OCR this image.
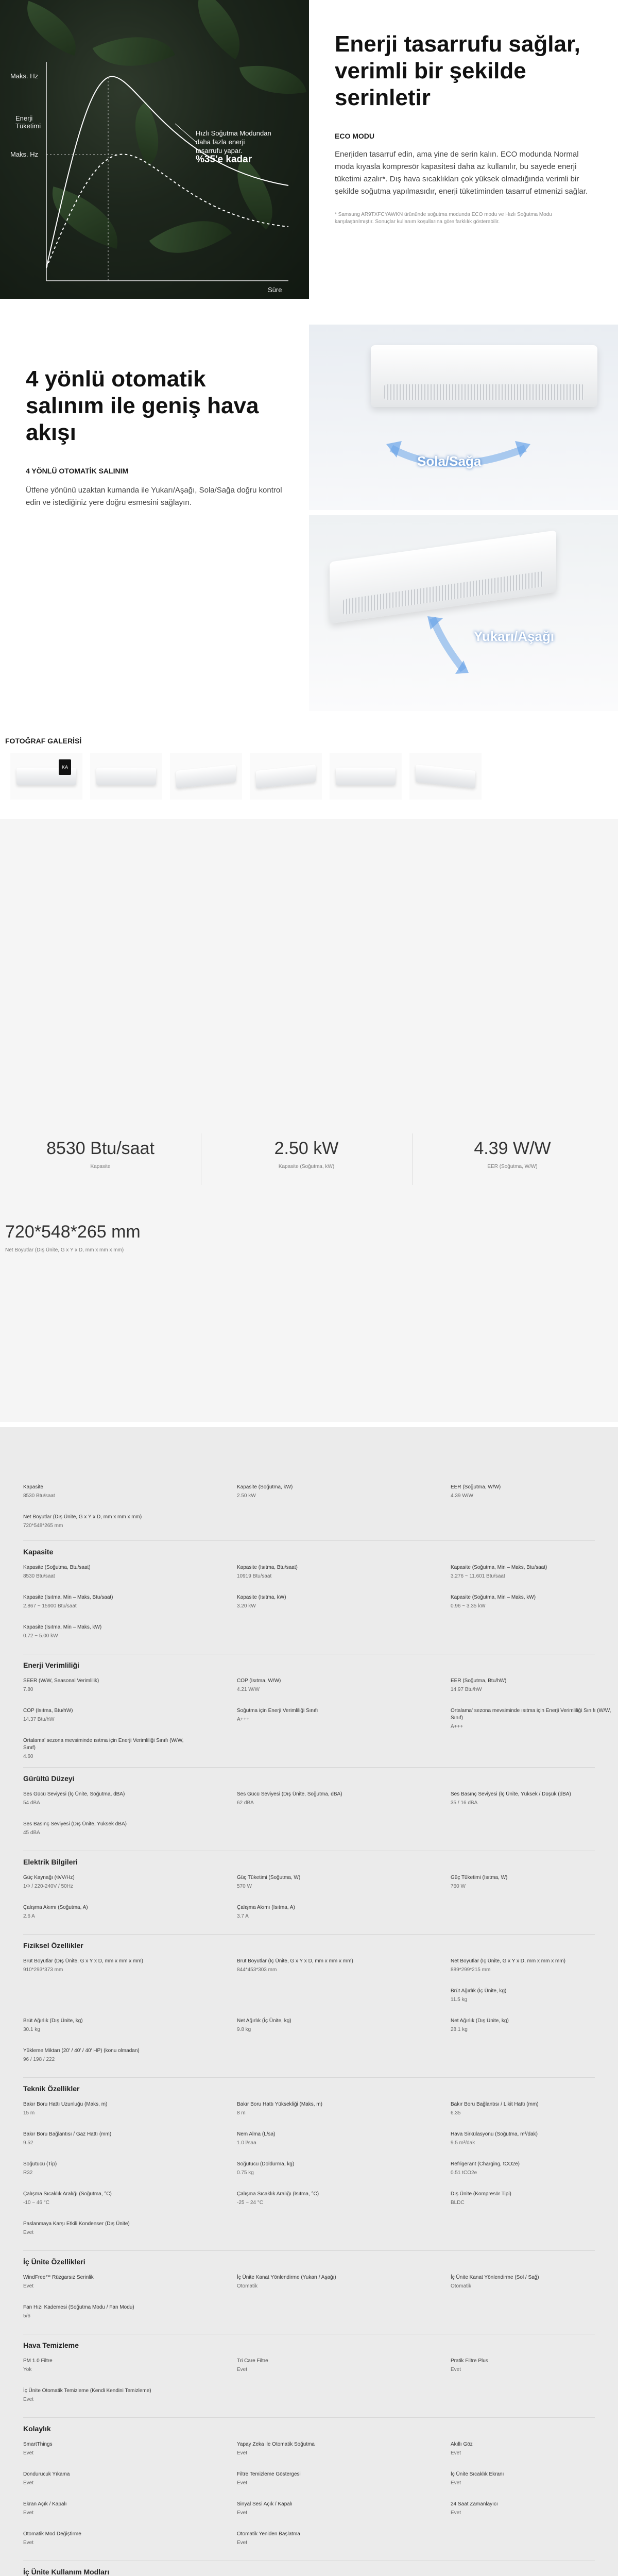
Maks. Hz
Enerji Tüketimi
Maks. Hz
Süre
Hızlı Soğutma Modundan daha fazla enerji tasarrufu yapar.
%35'e kadar
Enerji tasarrufu sağlar, verimli bir şekilde serinletir
ECO MODU

Enerjiden tasarruf edin, ama yine de serin kalın. ECO modunda Normal moda kıyasla kompresör kapasitesi daha az kullanılır, bu sayede enerji tüketimi azalır*. Dış hava sıcaklıkları çok yüksek olmadığında verimli bir şekilde soğutma yapılmasıdır, enerji tüketiminden tasarruf etmenizi sağlar.

* Samsung AR9TXFCYAWKN ürününde soğutma modunda ECO modu ve Hızlı Soğutma Modu karşılaştırılmıştır. Sonuçlar kullanım koşullarına göre farklılık gösterebilir.

4 yönlü otomatik salınım ile geniş hava akışı
4 YÖNLÜ OTOMATİK SALINIM

Ütfene yönünü uzaktan kumanda ile Yukarı/Aşağı, Sola/Sağa doğru kontrol edin ve istediğiniz yere doğru esmesini sağlayın.

Sola/Sağa
Yukarı/Aşağı
FOTOĞRAF GALERİSİ
KA
8530 Btu/saat
Kapasite
2.50 kW
Kapasite (Soğutma, kW)
4.39 W/W
EER (Soğutma, W/W)
720*548*265 mm
Net Boyutlar (Dış Ünite, G x Y x D, mm x mm x mm)
Kapasite
8530 Btu/saat
Kapasite (Soğutma, kW)
2.50 kW
EER (Soğutma, W/W)
4.39 W/W
Net Boyutlar (Dış Ünite, G x Y x D, mm x mm x mm)
720*548*265 mm
Kapasite
Kapasite (Soğutma, Btu/saat)
8530 Btu/saat
Kapasite (Isıtma, Btu/saat)
10919 Btu/saat
Kapasite (Soğutma, Min – Maks, Btu/saat)
3.276 ~ 11.601 Btu/saat
Kapasite (Isıtma, Min – Maks, Btu/saat)
2.867 ~ 15900 Btu/saat
Kapasite (Isıtma, kW)
3.20 kW
Kapasite (Soğutma, Min – Maks, kW)
0.96 ~ 3.35 kW
Kapasite (Isıtma, Min – Maks, kW)
0.72 ~ 5.00 kW
Enerji Verimliliği
SEER (W/W, Seasonal Verimlilik)
7.80
COP (Isıtma, W/W)
4.21 W/W
EER (Soğutma, Btu/hW)
14.97 Btu/hW
COP (Isıtma, Btu/hW)
14.37 Btu/hW
Soğutma için Enerji Verimliliği Sınıfı
A+++
Ortalama' sezona mevsiminde ısıtma için Enerji Verimliliği Sınıfı (W/W, Sınıf)
A+++
Ortalama' sezona mevsiminde ısıtma için Enerji Verimliliği Sınıfı (W/W, Sınıf)
4.60
Gürültü Düzeyi
Ses Gücü Seviyesi (İç Ünite, Soğutma, dBA)
54 dBA
Ses Gücü Seviyesi (Dış Ünite, Soğutma, dBA)
62 dBA
Ses Basınç Seviyesi (İç Ünite, Yüksek / Düşük (dBA)
35 / 16 dBA
Ses Basınç Seviyesi (Dış Ünite, Yüksek dBA)
45 dBA
Elektrik Bilgileri
Güç Kaynağı (Φ/V/Hz)
1Φ / 220-240V / 50Hz
Güç Tüketimi (Soğutma, W)
570 W
Güç Tüketimi (Isıtma, W)
760 W
Çalışma Akımı (Soğutma, A)
2.6 A
Çalışma Akımı (Isıtma, A)
3.7 A
Fiziksel Özellikler
Brüt Boyutlar (Dış Ünite, G x Y x D, mm x mm x mm)
910*293*373 mm
Brüt Boyutlar (İç Ünite, G x Y x D, mm x mm x mm)
844*453*303 mm
Net Boyutlar (İç Ünite, G x Y x D, mm x mm x mm)
889*299*215 mm
Brüt Ağırlık (İç Ünite, kg)
11.5 kg
Brüt Ağırlık (Dış Ünite, kg)
30.1 kg
Net Ağırlık (İç Ünite, kg)
9.8 kg
Net Ağırlık (Dış Ünite, kg)
28.1 kg
Yükleme Miktarı (20′ / 40′ / 40′ HP) (konu olmadan)
96 / 198 / 222
Teknik Özellikler
Bakır Boru Hattı Uzunluğu (Maks, m)
15 m
Bakır Boru Hattı Yüksekliği (Maks, m)
8 m
Bakır Boru Bağlantısı / Likit Hattı (mm)
6.35
Bakır Boru Bağlantısı / Gaz Hattı (mm)
9.52
Nem Alma (L/sa)
1.0 l/saa
Hava Sirkülasyonu (Soğutma, m³/dak)
9.5 m³/dak
Soğutucu (Tip)
R32
Soğutucu (Doldurma, kg)
0.75 kg
Refrigerant (Charging, tCO2e)
0.51 tCO2e
Çalışma Sıcaklık Aralığı (Soğutma, °C)
-10 ~ 46 °C
Çalışma Sıcaklık Aralığı (Isıtma, °C)
-25 ~ 24 °C
Dış Ünite (Kompresör Tipi)
BLDC
Paslanmaya Karşı Etkili Kondenser (Dış Ünite)
Evet
İç Ünite Özellikleri
WindFree™ Rüzgarsız Serinlik
Evet
İç Ünite Kanat Yönlendirme (Yukarı / Aşağı)
Otomatik
İç Ünite Kanat Yönlendirme (Sol / Sağ)
Otomatik
Fan Hızı Kademesi (Soğutma Modu / Fan Modu)
5/6
Hava Temizleme
PM 1.0 Filtre
Yok
Tri Care Filtre
Evet
Pratik Filtre Plus
Evet
İç Ünite Otomatik Temizleme (Kendi Kendini Temizleme)
Evet
Kolaylık
SmartThings
Evet
Yapay Zeka ile Otomatik Soğutma
Evet
Akıllı Göz
Evet
Dondurucuk Yıkama
Evet
Filtre Temizleme Göstergesi
Evet
İç Ünite Sıcaklık Ekranı
Evet
Ekran Açık / Kapalı
Evet
Sinyal Sesi Açık / Kapalı
Evet
24 Saat Zamanlayıcı
Evet
Otomatik Mod Değiştirme
Evet
Otomatik Yeniden Başlatma
Evet
İç Ünite Kullanım Modları
